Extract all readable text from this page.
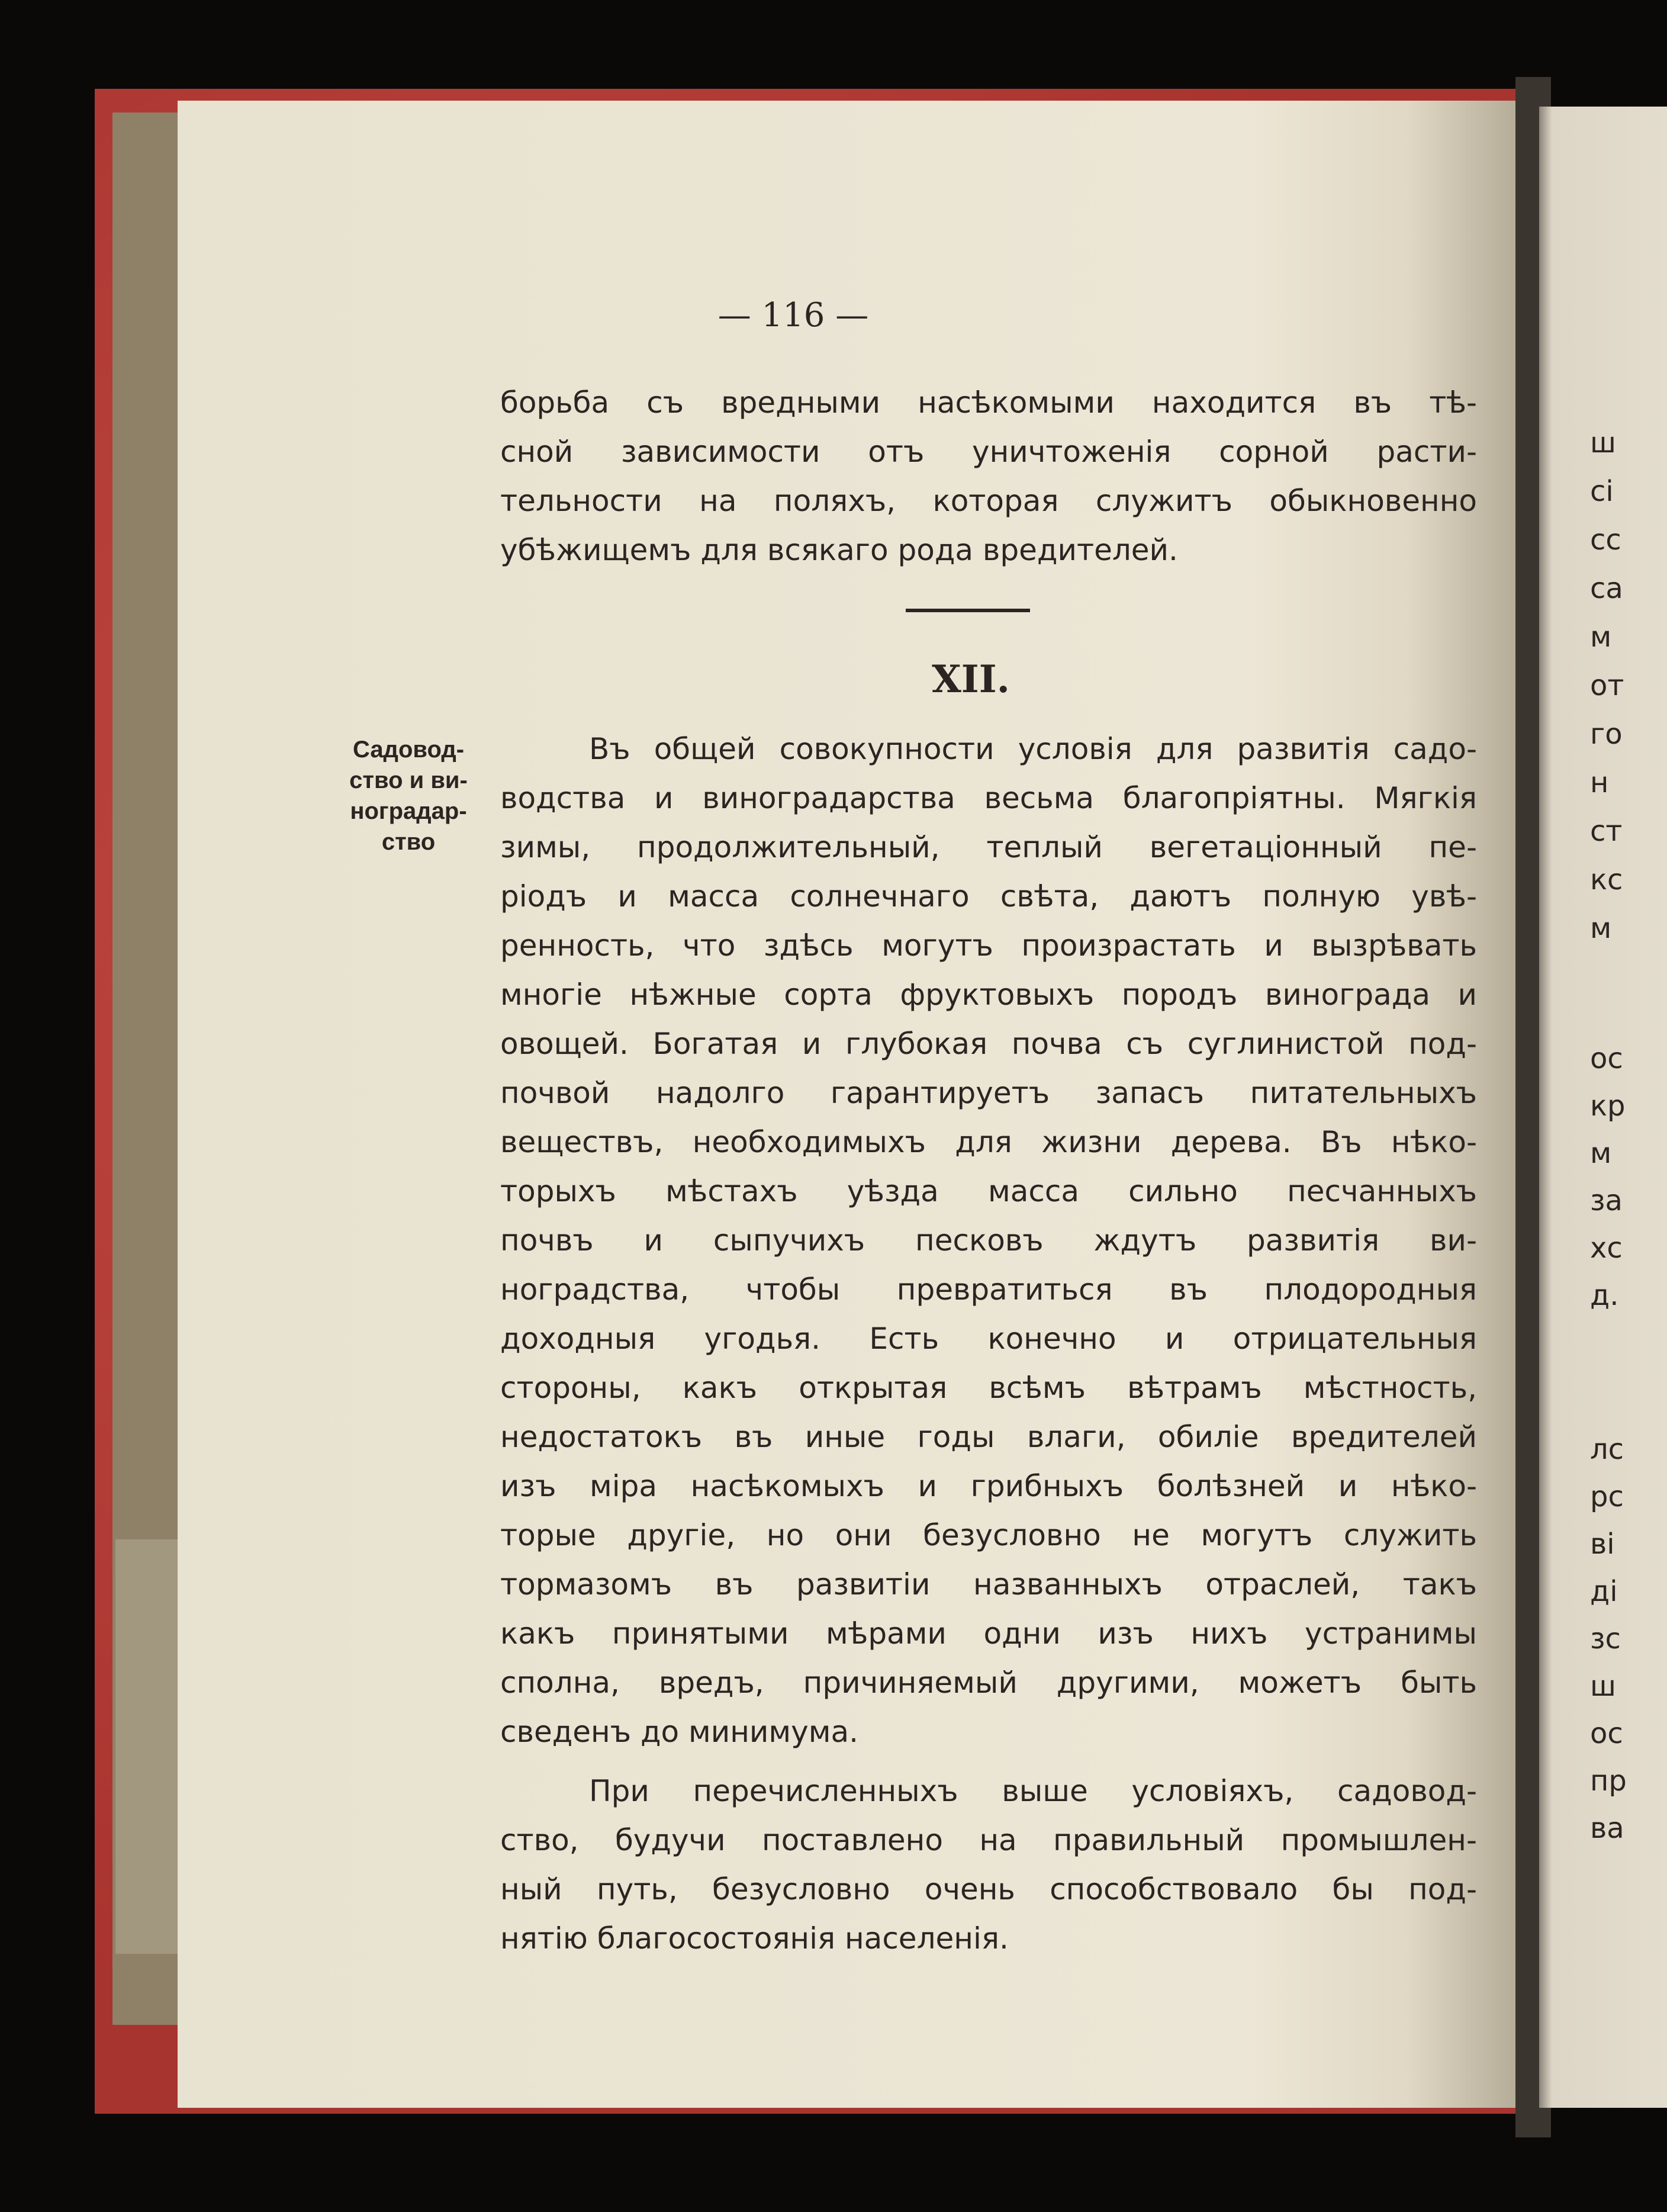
— 116 —
борьба съ вредными насѣкомыми находится въ тѣ-
сной зависимости отъ уничтоженія сорной расти-
тельности на поляхъ, которая служитъ обыкновенно
убѣжищемъ для всякаго рода вредителей.
Въ общей совокупности условія для развитія садо-
водства и виноградарства весьма благопріятны. Мягкія
зимы, продолжительный, теплый вегетаціонный пе-
ріодъ и масса солнечнаго свѣта, даютъ полную увѣ-
ренность, что здѣсь могутъ произрастать и вызрѣвать
многіе нѣжные сорта фруктовыхъ породъ винограда и
овощей. Богатая и глубокая почва съ суглинистой под-
почвой надолго гарантируетъ запасъ питательныхъ
веществъ, необходимыхъ для жизни дерева. Въ нѣко-
торыхъ мѣстахъ уѣзда масса сильно песчанныхъ
почвъ и сыпучихъ песковъ ждутъ развитія ви-
ноградства, чтобы превратиться въ плодородныя
доходныя угодья. Есть конечно и отрицательныя
стороны, какъ открытая всѣмъ вѣтрамъ мѣстность,
недостатокъ въ иные годы влаги, обиліе вредителей
изъ міра насѣкомыхъ и грибныхъ болѣзней и нѣко-
торые другіе, но они безусловно не могутъ служить
тормазомъ въ развитіи названныхъ отраслей, такъ
какъ принятыми мѣрами одни изъ нихъ устранимы
сполна, вредъ, причиняемый другими, можетъ быть
сведенъ до минимума.
При перечисленныхъ выше условіяхъ, садовод-
ство, будучи поставлено на правильный промышлен-
ный путь, безусловно очень способствовало бы под-
нятію благосостоянія населенія.
XII.
Садовод-
ство и ви-
ноградар-
ство
ш
сі
сс
са
м
от
го
н
ст
кс
м
ос
кр
м
за
хс
д.
лс
рс
ві
ді
зс
ш
ос
пр
ва
